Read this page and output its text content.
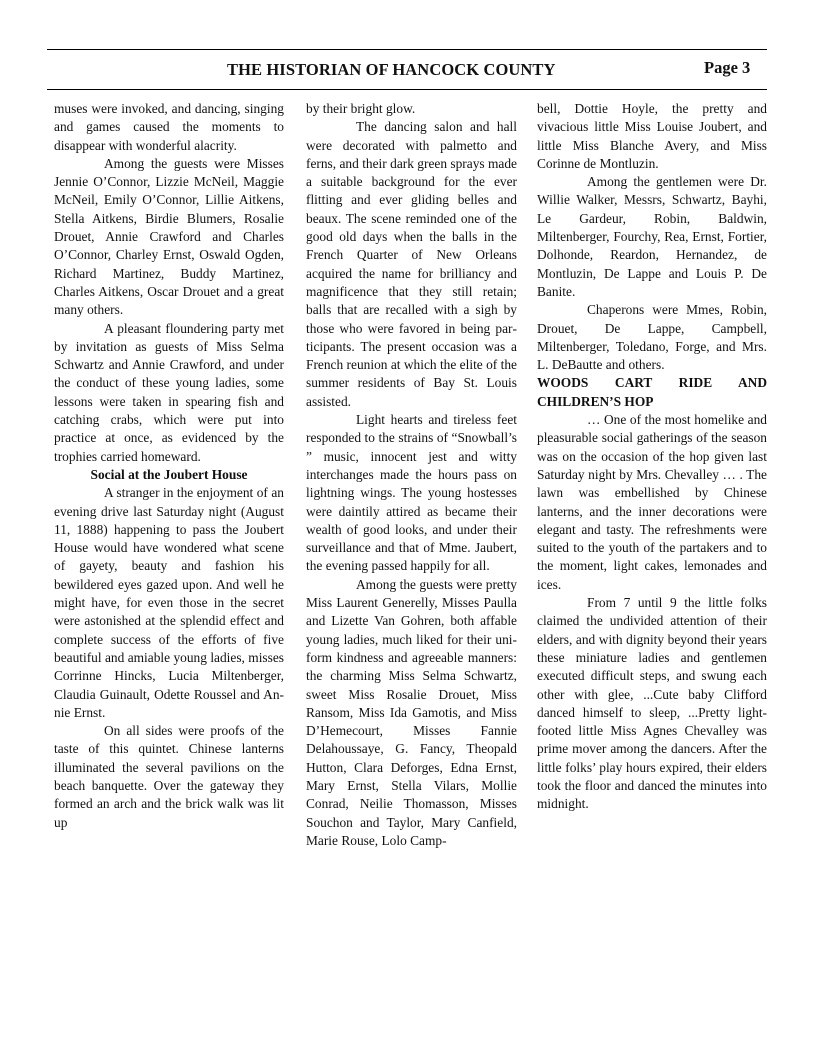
THE HISTORIAN OF HANCOCK COUNTY	Page 3

muses were invoked, and dancing, singing and games caused the moments to disappear with wonderful alacrity.

Among the guests were Misses Jennie O’Connor, Lizzie McNeil, Maggie McNeil, Emily O’Connor, Lillie Aitkens, Stella Aitkens, Birdie Blumers, Rosalie Drouet, Annie Crawford and Charles O’Connor, Charley Ernst, Oswald Ogden, Richard Martinez, Buddy Martinez, Charles Aitkens, Oscar Drouet and a great many others.

A pleasant floundering party met by invitation as guests of Miss Selma Schwartz and Annie Crawford, and under the conduct of these young ladies, some lessons were taken in spearing fish and catching crabs, which were put into practice at once, as evidenced by the trophies carried homeward.

Social at the Joubert House

A stranger in the enjoyment of an evening drive last Saturday night (August 11, 1888) happening to pass the Joubert House would have wondered what scene of gayety, beauty and fashion his bewildered eyes gazed upon. And well he might have, for even those in the secret were astonished at the splendid effect and complete success of the efforts of five beautiful and amiable young ladies, misses Corrinne Hincks, Lucia Miltenberger, Claudia Guinault, Odette Roussel and Annie Ernst.

On all sides were proofs of the taste of this quintet. Chinese lanterns illuminated the several pavilions on the beach banquette. Over the gateway they formed an arch and the brick walk was lit up

by their bright glow.

The dancing salon and hall were decorated with palmetto and ferns, and their dark green sprays made a suitable background for the ever flitting and ever gliding belles and beaux. The scene reminded one of the good old days when the balls in the French Quarter of New Orleans acquired the name for brilliancy and magnificence that they still retain; balls that are recalled with a sigh by those who were favored in being participants. The present occasion was a French reunion at which the elite of the summer residents of Bay St. Louis assisted.

Light hearts and tireless feet responded to the strains of “Snowball’s ” music, innocent jest and witty interchanges made the hours pass on lightning wings. The young hostesses were daintily attired as became their wealth of good looks, and under their surveillance and that of Mme. Jaubert, the evening passed happily for all.

Among the guests were pretty Miss Laurent Generelly, Misses Paulla and Lizette Van Gohren, both affable young ladies, much liked for their uniform kindness and agreeable manners: the charming Miss Selma Schwartz, sweet Miss Rosalie Drouet, Miss Ransom, Miss Ida Gamotis, and Miss D’Hemecourt, Misses Fannie Delahoussaye, G. Fancy, Theopald Hutton, Clara Deforges, Edna Ernst, Mary Ernst, Stella Vilars, Mollie Conrad, Neilie Thomasson, Misses Souchon and Taylor, Mary Canfield, Marie Rouse, Lolo Camp-

bell, Dottie Hoyle, the pretty and vivacious little Miss Louise Joubert, and little Miss Blanche Avery, and Miss Corinne de Montluzin.

Among the gentlemen were Dr. Willie Walker, Messrs, Schwartz, Bayhi, Le Gardeur, Robin, Baldwin, Miltenberger, Fourchy, Rea, Ernst, Fortier, Dolhonde, Reardon, Hernandez, de Montluzin, De Lappe and Louis P. De Banite.

Chaperons were Mmes, Robin, Drouet, De Lappe, Campbell, Miltenberger, Toledano, Forge, and Mrs. L. DeBautte and others.

WOODS CART RIDE AND CHILDREN’S HOP

… One of the most homelike and pleasurable social gatherings of the season was on the occasion of the hop given last Saturday night by Mrs. Chevalley … . The lawn was embellished by Chinese lanterns, and the inner decorations were elegant and tasty. The refreshments were suited to the youth of the partakers and to the moment, light cakes, lemonades and ices.

From 7 until 9 the little folks claimed the undivided attention of their elders, and with dignity beyond their years these miniature ladies and gentlemen executed difficult steps, and swung each other with glee, ...Cute baby Clifford danced himself to sleep, ...Pretty light-footed little Miss Agnes Chevalley was prime mover among the dancers. After the little folks’ play hours expired, their elders took the floor and danced the minutes into midnight.
